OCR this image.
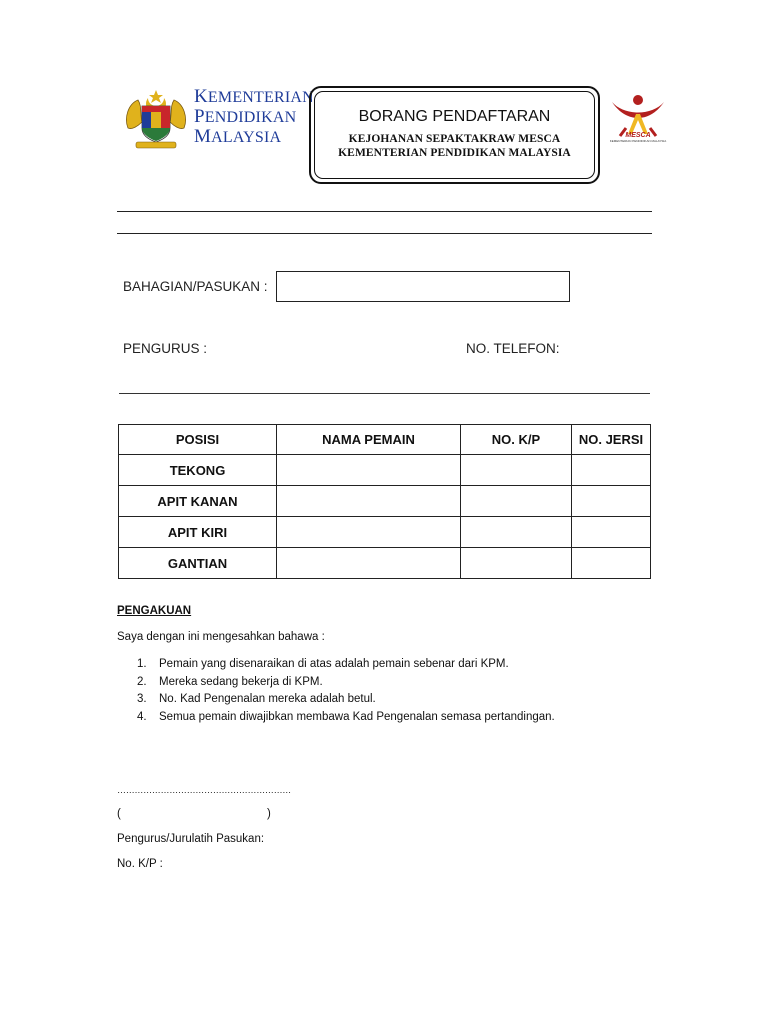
KEMENTERIAN
PENDIDIKAN
MALAYSIA
BORANG PENDAFTARAN
KEJOHANAN SEPAKTAKRAW MESCA
KEMENTERIAN PENDIDIKAN MALAYSIA
MESCA
KEMENTERIAN PENDIDIKAN MALAYSIA
BAHAGIAN/PASUKAN :
PENGURUS :	NO. TELEFON:
POSISI	NAMA PEMAIN	NO. K/P	NO. JERSI
TEKONG			
APIT KANAN			
APIT KIRI			
GANTIAN			
PENGAKUAN
Saya dengan ini mengesahkan bahawa :
1. Pemain yang disenaraikan di atas adalah pemain sebenar dari KPM.
2. Mereka sedang bekerja di KPM.
3. No. Kad Pengenalan mereka adalah betul.
4. Semua pemain diwajibkan membawa Kad Pengenalan semasa pertandingan.
……………………………………………………
(	)
Pengurus/Jurulatih Pasukan:
No. K/P :
